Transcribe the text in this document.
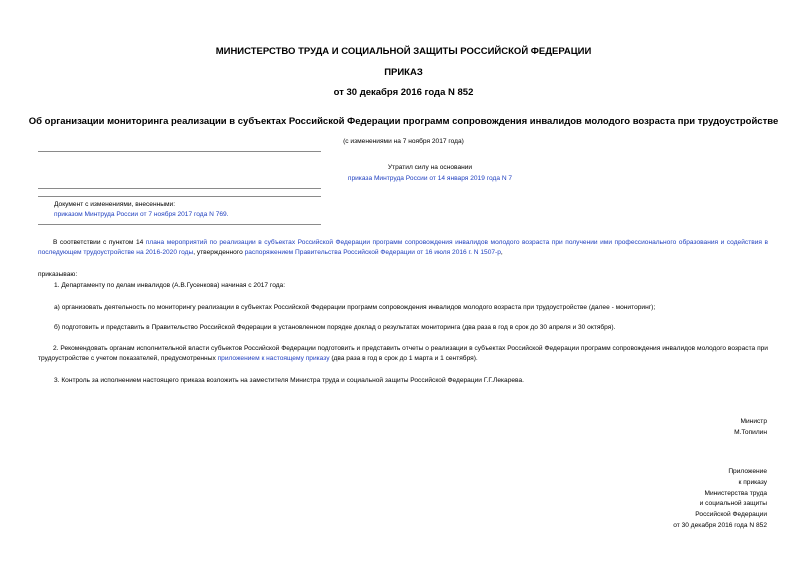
МИНИСТЕРСТВО ТРУДА И СОЦИАЛЬНОЙ ЗАЩИТЫ РОССИЙСКОЙ ФЕДЕРАЦИИ
ПРИКАЗ
от 30 декабря 2016 года N 852
Об организации мониторинга реализации в субъектах Российской Федерации программ сопровождения инвалидов молодого возраста при трудоустройстве
(с изменениями на 7 ноября 2017 года)
Утратил силу на основании
приказа Минтруда России от 14 января 2019 года N 7
Документ с изменениями, внесенными:
приказом Минтруда России от 7 ноября 2017 года N 769.
В соответствии с пунктом 14 плана мероприятий по реализации в субъектах Российской Федерации программ сопровождения инвалидов молодого возраста при получении ими профессионального образования и содействия в последующем трудоустройстве на 2016-2020 годы, утвержденного распоряжением Правительства Российской Федерации от 16 июля 2016 г. N 1507-р,
приказываю:
1. Департаменту по делам инвалидов (А.В.Гусенкова) начиная с 2017 года:
а) организовать деятельность по мониторингу реализации в субъектах Российской Федерации программ сопровождения инвалидов молодого возраста при трудоустройстве (далее - мониторинг);
б) подготовить и представить в Правительство Российской Федерации в установленном порядке доклад о результатах мониторинга (два раза в год в срок до 30 апреля и 30 октября).
2. Рекомендовать органам исполнительной власти субъектов Российской Федерации подготовить и представить отчеты о реализации в субъектах Российской Федерации программ сопровождения инвалидов молодого возраста при трудоустройстве с учетом показателей, предусмотренных приложением к настоящему приказу (два раза в год в срок до 1 марта и 1 сентября).
3. Контроль за исполнением настоящего приказа возложить на заместителя Министра труда и социальной защиты Российской Федерации Г.Г.Лекарева.
Министр
М.Топилин
Приложение
к приказу
Министерства труда
и социальной защиты
Российской Федерации
от 30 декабря 2016 года N 852
